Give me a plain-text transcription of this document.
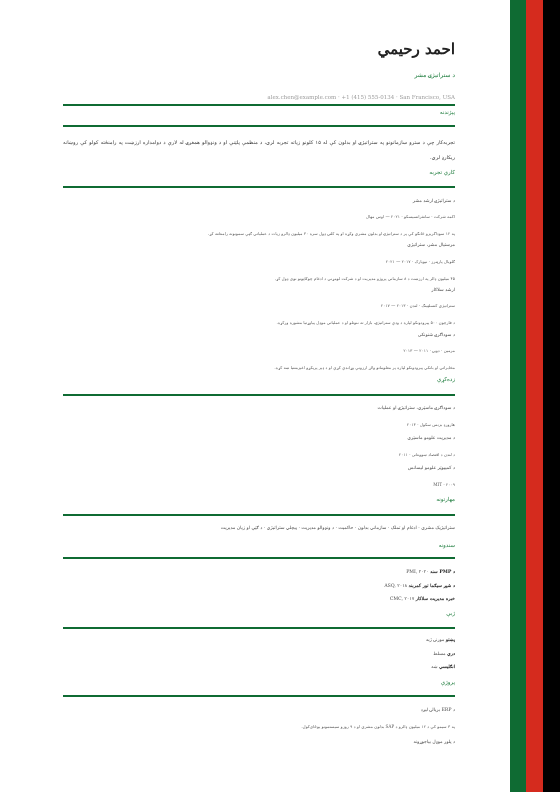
احمد رحيمي
د ستراتيژۍ مشر
alex.chen@example.com · +1 (415) 555-0134 · San Francisco, USA
پېژندنه
تجربه‌کار چې د سترو سازمانونو په ستراتیژۍ او بدلون کې له ۱۵ کلونو زیاته تجربه لري، د منظمې پلټنې او د ونډوالو همغږۍ له لارې د دوامداره ارزښت په رامنځته کولو کې روښانه ریکارډ لري.
کاري تجربه
د ستراتيژۍ ارشد مشر
اکمه شرکت · سانفرانسیسکو · ۲۰۲۱ — اوس مهال
په ۱۲ سوداګریزو څانګو کې پر د ستراتيژۍ او بدلون مشري وکړه او په کلنۍ ډول سره ۳۰ میلیون ډالرو زیات د عملیاتي ګټې سمونونه رامنځته کړ.
مرستيال مشر، ستراتیژي
ګلوبال پارټنرز · نیویارک · ۲۰۱۷ — ۲۰۲۱
۴۵ میلیون ډالر په ارزښت د ۸ سازماني پروژو مدیریت او د شرکت لومړني د ادغام چوکاټونو نوی ډول کړ.
ارشد سلاکار
ستراتیژي کنسلټینګ · لندن · ۲۰۱۳ — ۲۰۱۷
د فارچون ۵۰۰ پېرودونکو لپاره د ودې ستراتیژۍ، بازار ته ننوتلو او د عملیاتي موډل پیاوړتیا مشوره ورکړه.
د سوداګرۍ شنونکی
مرمین · دوبۍ · ۲۰۱۱ — ۲۰۱۳
مخابراتي او بانکي پېرودونکو لپاره پر معلوماتو ولاړ ارزونې وړاندې کړې او د ډېر پرېکړو اغېزمنتیا ښه کړه.
زده‌کړې
د سوداګرۍ ماسټري، ستراتیژۍ او عملیات
هارورډ بزنس سکول · ۲۰۱۳
د مدیریت علومو ماسټري
د لندن د اقتصاد ښوونځی · ۲۰۱۱
د کمپیوټر علومو لیسانس
MIT · ۲۰۰۹
مهارتونه
ستراتیژیک مشري · ادغام او تملک · سازماني بدلون · حاکمیت · د ونډوالو مدیریت · پېچلي ستراتیژي · د ګټې او زیان مدیریت
سندونه
د PMP سند PMI, ۲۰۲۰
د شپږ سیګما تور کمربند ASQ, ۲۰۱۸
خبره مدیریت سلاکار CMC, ۲۰۱۷
ژبې
پښتو مورنۍ ژبه
دري مسلط
انګلیسي ښه
پروژې
د ERP بریالۍ لیږد
په ۳ سیمو کې د ۱۲ میلیون ډالرو د SAP بدلون مشري او د ۹ روزو سیستمونو یوځای‌کول.
د پلور موډل بیاجوړونه
